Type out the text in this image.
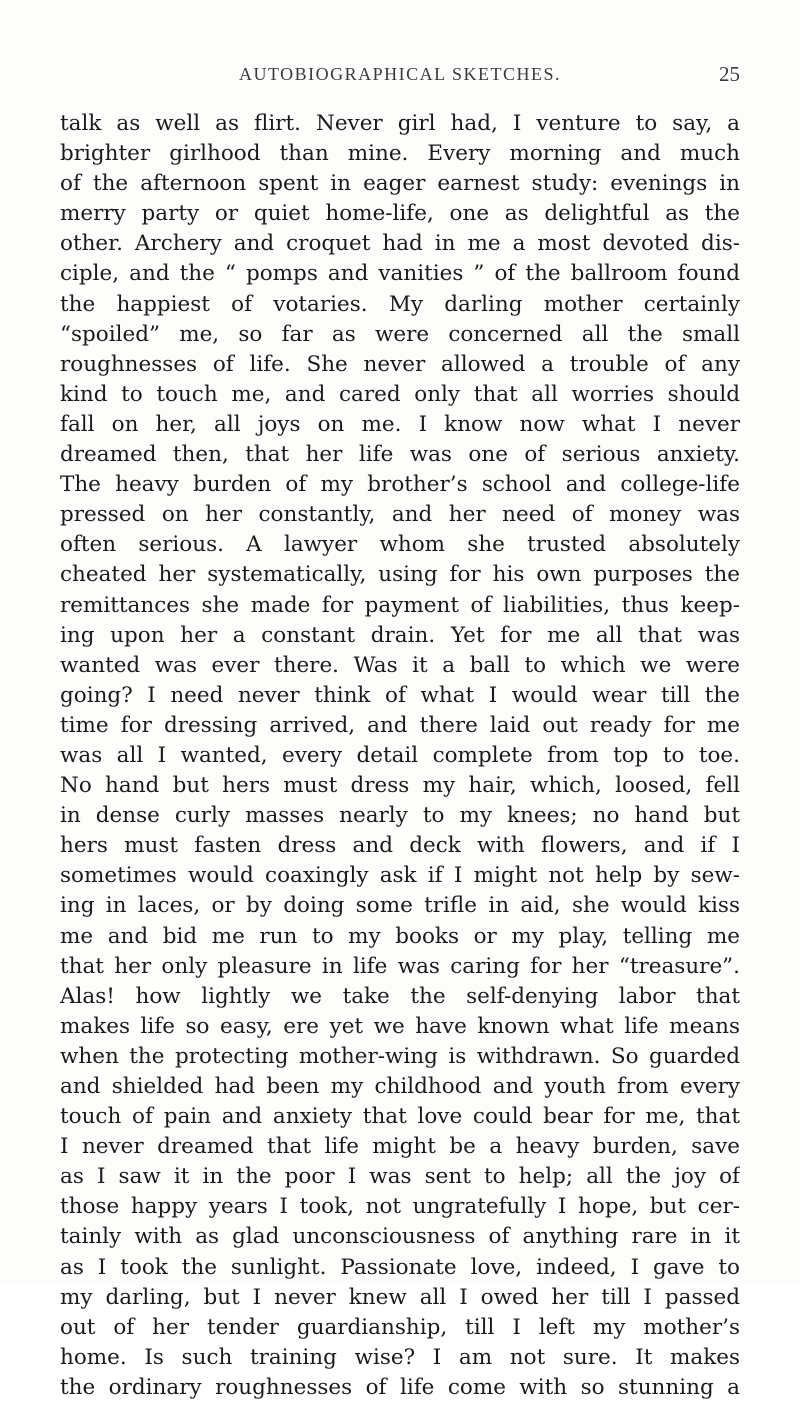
AUTOBIOGRAPHICAL SKETCHES.	25
talk as well as flirt. Never girl had, I venture to say, a
brighter girlhood than mine. Every morning and much
of the afternoon spent in eager earnest study: evenings in
merry party or quiet home-life, one as delightful as the
other. Archery and croquet had in me a most devoted dis-
ciple, and the “ pomps and vanities ” of the ballroom found
the happiest of votaries. My darling mother certainly
“spoiled” me, so far as were concerned all the small
roughnesses of life. She never allowed a trouble of any
kind to touch me, and cared only that all worries should
fall on her, all joys on me. I know now what I never
dreamed then, that her life was one of serious anxiety.
The heavy burden of my brother’s school and college-life
pressed on her constantly, and her need of money was
often serious. A lawyer whom she trusted absolutely
cheated her systematically, using for his own purposes the
remittances she made for payment of liabilities, thus keep-
ing upon her a constant drain. Yet for me all that was
wanted was ever there. Was it a ball to which we were
going? I need never think of what I would wear till the
time for dressing arrived, and there laid out ready for me
was all I wanted, every detail complete from top to toe.
No hand but hers must dress my hair, which, loosed, fell
in dense curly masses nearly to my knees; no hand but
hers must fasten dress and deck with flowers, and if I
sometimes would coaxingly ask if I might not help by sew-
ing in laces, or by doing some trifle in aid, she would kiss
me and bid me run to my books or my play, telling me
that her only pleasure in life was caring for her “treasure”.
Alas! how lightly we take the self-denying labor that
makes life so easy, ere yet we have known what life means
when the protecting mother-wing is withdrawn. So guarded
and shielded had been my childhood and youth from every
touch of pain and anxiety that love could bear for me, that
I never dreamed that life might be a heavy burden, save
as I saw it in the poor I was sent to help; all the joy of
those happy years I took, not ungratefully I hope, but cer-
tainly with as glad unconsciousness of anything rare in it
as I took the sunlight. Passionate love, indeed, I gave to
my darling, but I never knew all I owed her till I passed
out of her tender guardianship, till I left my mother’s
home. Is such training wise? I am not sure. It makes
the ordinary roughnesses of life come with so stunning a
